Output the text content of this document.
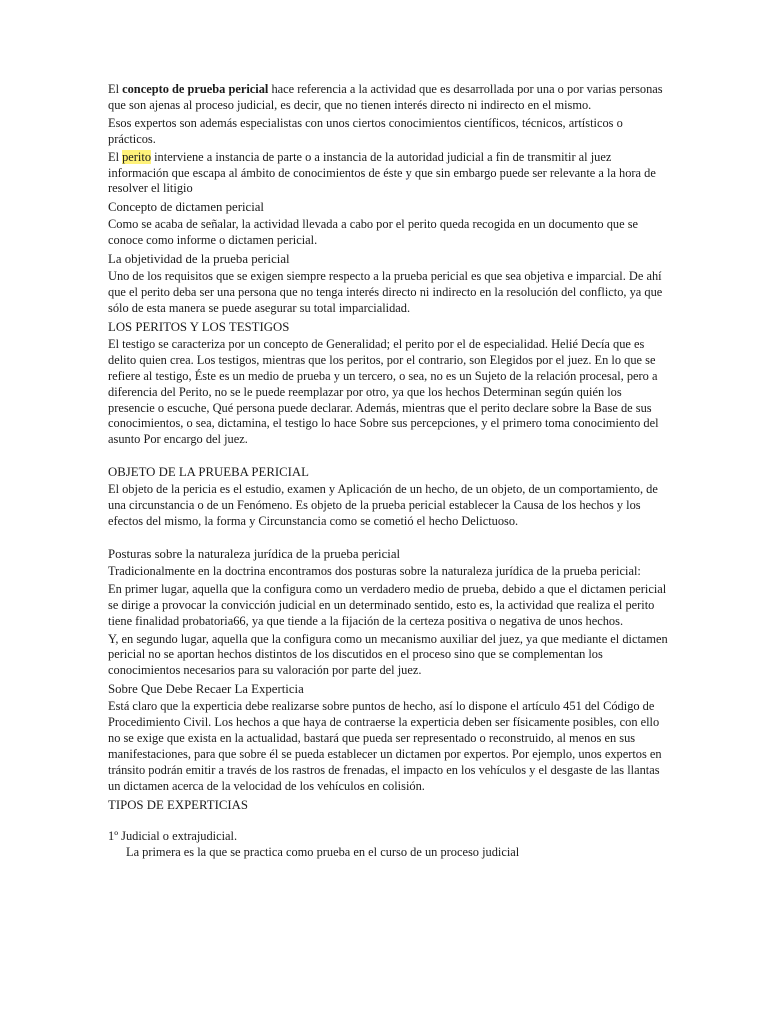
El concepto de prueba pericial hace referencia a la actividad que es desarrollada por una o por varias personas que son ajenas al proceso judicial, es decir, que no tienen interés directo ni indirecto en el mismo.

Esos expertos son además especialistas con unos ciertos conocimientos científicos, técnicos, artísticos o prácticos.

El perito interviene a instancia de parte o a instancia de la autoridad judicial a fin de transmitir al juez información que escapa al ámbito de conocimientos de éste y que sin embargo puede ser relevante a la hora de resolver el litigio

Concepto de dictamen pericial

Como se acaba de señalar, la actividad llevada a cabo por el perito queda recogida en un documento que se conoce como informe o dictamen pericial.

La objetividad de la prueba pericial

Uno de los requisitos que se exigen siempre respecto a la prueba pericial es que sea objetiva e imparcial. De ahí que el perito deba ser una persona que no tenga interés directo ni indirecto en la resolución del conflicto, ya que sólo de esta manera se puede asegurar su total imparcialidad.

LOS PERITOS Y LOS TESTIGOS

El testigo se caracteriza por un concepto de Generalidad; el perito por el de especialidad. Helié Decía que es delito quien crea. Los testigos, mientras que los peritos, por el contrario, son Elegidos por el juez. En lo que se refiere al testigo, Éste es un medio de prueba y un tercero, o sea, no es un Sujeto de la relación procesal, pero a diferencia del Perito, no se le puede reemplazar por otro, ya que los hechos Determinan según quién los presencie o escuche, Qué persona puede declarar. Además, mientras que el perito declare sobre la Base de sus conocimientos, o sea, dictamina, el testigo lo hace Sobre sus percepciones, y el primero toma conocimiento del asunto Por encargo del juez.

OBJETO DE LA PRUEBA PERICIAL

El objeto de la pericia es el estudio, examen y Aplicación de un hecho, de un objeto, de un comportamiento, de una circunstancia o de un Fenómeno. Es objeto de la prueba pericial establecer la Causa de los hechos y los efectos del mismo, la forma y Circunstancia como se cometió el hecho Delictuoso.

Posturas sobre la naturaleza jurídica de la prueba pericial

Tradicionalmente en la doctrina encontramos dos posturas sobre la naturaleza jurídica de la prueba pericial:

En primer lugar, aquella que la configura como un verdadero medio de prueba, debido a que el dictamen pericial se dirige a provocar la convicción judicial en un determinado sentido, esto es, la actividad que realiza el perito tiene finalidad probatoria66, ya que tiende a la fijación de la certeza positiva o negativa de unos hechos.

Y, en segundo lugar, aquella que la configura como un mecanismo auxiliar del juez, ya que mediante el dictamen pericial no se aportan hechos distintos de los discutidos en el proceso sino que se complementan los conocimientos necesarios para su valoración por parte del juez.

Sobre Que Debe Recaer La Experticia

Está claro que la experticia debe realizarse sobre puntos de hecho, así lo dispone el artículo 451 del Código de Procedimiento Civil. Los hechos a que haya de contraerse la experticia deben ser físicamente posibles, con ello no se exige que exista en la actualidad, bastará que pueda ser representado o reconstruido, al menos en sus manifestaciones, para que sobre él se pueda establecer un dictamen por expertos. Por ejemplo, unos expertos en tránsito podrán emitir a través de los rastros de frenadas, el impacto en los vehículos y el desgaste de las llantas un dictamen acerca de la velocidad de los vehículos en colisión.

TIPOS DE EXPERTICIAS

1º Judicial o extrajudicial.

La primera es la que se practica como prueba en el curso de un proceso judicial
